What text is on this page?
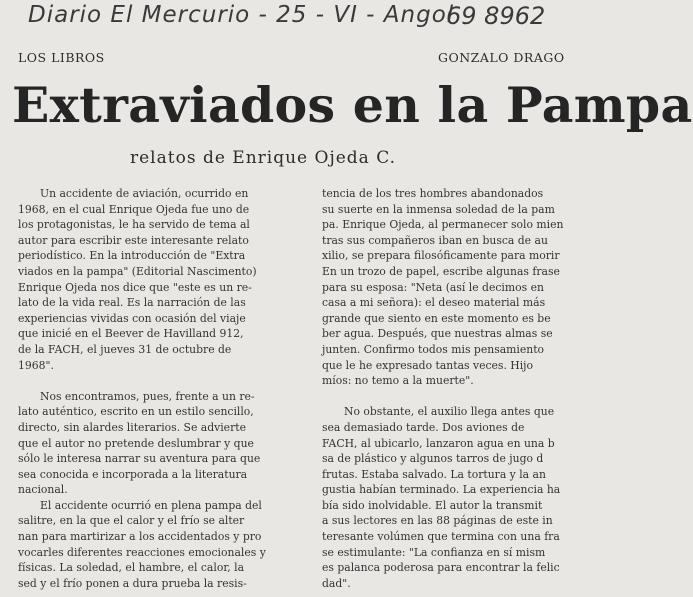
Diario El Mercurio - 25 - VI - Angol
69 8962
LOS LIBROS	GONZALO DRAGO
Extraviados en la Pampa
relatos de Enrique Ojeda C.
Un accidente de aviación, ocurrido en
1968, en el cual Enrique Ojeda fue uno de
los protagonistas, le ha servido de tema al
autor para escribir este interesante relato
periodístico. En la introducción de "Extra
viados en la pampa" (Editorial Nascimento)
Enrique Ojeda nos dice que "este es un re-
lato de la vida real. Es la narración de las
experiencias vividas con ocasión del viaje
que inicié en el Beever de Havilland 912,
de la FACH, el jueves 31 de octubre de
1968".
Nos encontramos, pues, frente a un re-
lato auténtico, escrito en un estilo sencillo,
directo, sin alardes literarios. Se advierte
que el autor no pretende deslumbrar y que
sólo le interesa narrar su aventura para que
sea conocida e incorporada a la literatura
nacional.
El accidente ocurrió en plena pampa del
salitre, en la que el calor y el frío se alter
nan para martirizar a los accidentados y pro
vocarles diferentes reacciones emocionales y
físicas. La soledad, el hambre, el calor, la
sed y el frío ponen a dura prueba la resis-
tencia de los tres hombres abandonados
su suerte en la inmensa soledad de la pam
pa. Enrique Ojeda, al permanecer solo mien
tras sus compañeros iban en busca de au
xilio, se prepara filosóficamente para morir
En un trozo de papel, escribe algunas frase
para su esposa: "Neta (así le decimos en
casa a mi señora): el deseo material más
grande que siento en este momento es be
ber agua. Después, que nuestras almas se
junten. Confirmo todos mis pensamiento
que le he expresado tantas veces. Hijo
míos: no temo a la muerte".
No obstante, el auxilio llega antes que
sea demasiado tarde. Dos aviones de
FACH, al ubicarlo, lanzaron agua en una b
sa de plástico y algunos tarros de jugo d
frutas. Estaba salvado. La tortura y la an
gustia habían terminado. La experiencia ha
bía sido inolvidable. El autor la transmit
a sus lectores en las 88 páginas de este in
teresante volúmen que termina con una fra
se estimulante: "La confianza en sí mism
es palanca poderosa para encontrar la felic
dad".
